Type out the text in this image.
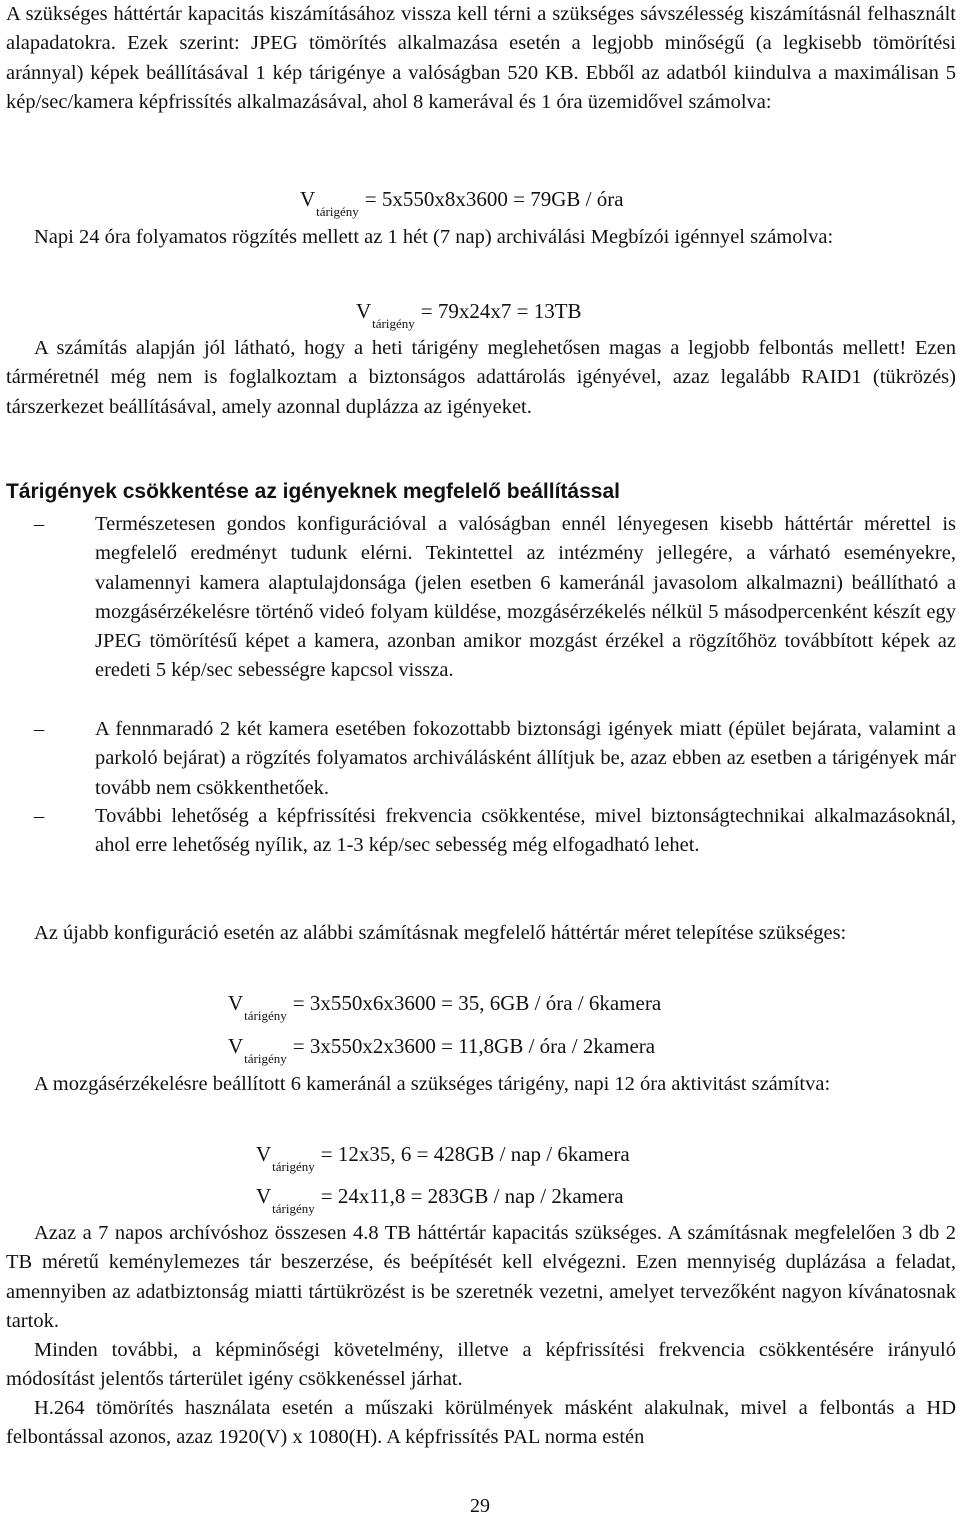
A szükséges háttértár kapacitás kiszámításához vissza kell térni a szükséges sávszélesség kiszámításnál felhasznált alapadatokra. Ezek szerint: JPEG tömörítés alkalmazása esetén a legjobb minőségű (a legkisebb tömörítési aránnyal) képek beállításával 1 kép tárigénye a valóságban 520 KB. Ebből az adatból kiindulva a maximálisan 5 kép/sec/kamera képfrissítés alkalmazásával, ahol 8 kamerával és 1 óra üzemidővel számolva:

$V_{tárigény}= 5x550x8x3600 = 79GB$ / óra

Napi 24 óra folyamatos rögzítés mellett az 1 hét (7 nap) archiválási Megbízói igénnyel számolva:

$V_{tárigény}= 79x24x7 = 13TB$

A számítás alapján jól látható, hogy a heti tárigény meglehetősen magas a legjobb felbontás mellett! Ezen tárméretnél még nem is foglalkoztam a biztonságos adattárolás igényével, azaz legalább RAID1 (tükrözés) társzerkezet beállításával, amely azonnal duplázza az igényeket.

Tárigények csökkentése az igényeknek megfelelő beállítással
–	Természetesen gondos konfigurációval a valóságban ennél lényegesen kisebb háttértár mérettel is megfelelő eredményt tudunk elérni. Tekintettel az intézmény jellegére, a várható eseményekre, valamennyi kamera alaptulajdonsága (jelen esetben 6 kameránál javasolom alkalmazni) beállítható a mozgásérzékelésre történő videó folyam küldése, mozgásérzékelés nélkül 5 másodpercenként készít egy JPEG tömörítésű képet a kamera, azonban amikor mozgást érzékel a rögzítőhöz továbbított képek az eredeti 5 kép/sec sebességre kapcsol vissza.
–	A fennmaradó 2 két kamera esetében fokozottabb biztonsági igények miatt (épület bejárata, valamint a parkoló bejárat) a rögzítés folyamatos archiválásként állítjuk be, azaz ebben az esetben a tárigények már tovább nem csökkenthetőek.
–	További lehetőség a képfrissítési frekvencia csökkentése, mivel biztonságtechnikai alkalmazásoknál, ahol erre lehetőség nyílik, az 1-3 kép/sec sebesség még elfogadható lehet.

Az újabb konfiguráció esetén az alábbi számításnak megfelelő háttértár méret telepítése szükséges:

$V_{tárigény}= 3x550x6x3600 = 35$, 6GB / óra / 6kamera
$V_{tárigény}= 3x550x2x3600 = 11,8GB$ / óra / 2kamera

A mozgásérzékelésre beállított 6 kameránál a szükséges tárigény, napi 12 óra aktivitást számítva:

$V_{tárigény}= 12x35$, 6 = 428GB / nap / 6kamera
$V_{tárigény}= 24x11,8 = 283GB$ / nap / 2kamera

Azaz a 7 napos archívóshoz összesen 4.8 TB háttértár kapacitás szükséges. A számításnak megfelelően 3 db 2 TB méretű keménylemezes tár beszerzése, és beépítését kell elvégezni. Ezen mennyiség duplázása a feladat, amennyiben az adatbiztonság miatti tártükrözést is be szeretnék vezetni, amelyet tervezőként nagyon kívánatosnak tartok.

Minden további, a képminőségi követelmény, illetve a képfrissítési frekvencia csökkentésére irányuló módosítást jelentős tárterület igény csökkenéssel járhat.

H.264 tömörítés használata esetén a műszaki körülmények másként alakulnak, mivel a felbontás a HD felbontással azonos, azaz 1920(V) x 1080(H). A képfrissítés PAL norma estén

29
